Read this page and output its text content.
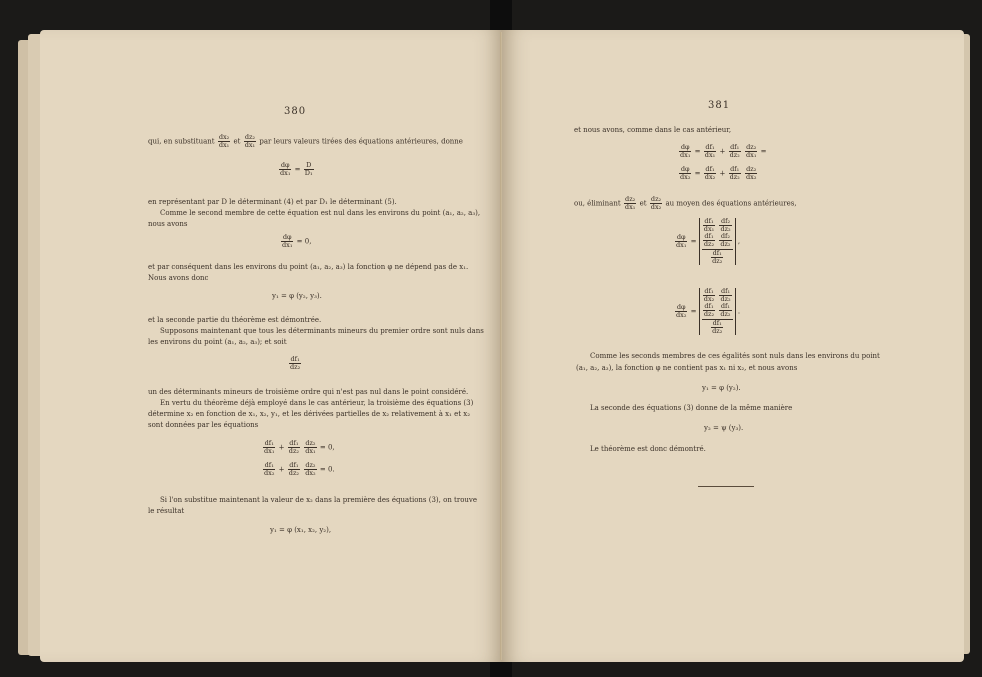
380
qui, en substituant $\frac{\text{dx₂}}{\text{dx₁}}$ et $\frac{\text{dz₂}}{\text{dx₁}}$ par leurs valeurs tirées des équations antérieures, donne
$\frac{d\varphi}{\text{dx₁}} = \frac{D}{\text{D₁}}$
en représentant par D le déterminant (4) et par D₁ le déterminant (5).
Comme le second membre de cette équation est nul dans les environs du point (a₁, a₂, a₃),
nous avons
$\frac{d\varphi}{\text{dx₁}} = 0$,
et par conséquent dans les environs du point (a₁, a₂, a₃) la fonction φ ne dépend pas de x₁.
Nous avons donc
y₁ = φ (y₂, y₃).
et la seconde partie du théorème est démontrée.
Supposons maintenant que tous les déterminants mineurs du premier ordre sont nuls dans
les environs du point (a₁, a₂, a₃); et soit
$\frac{\text{df₁}}{\text{dz₂}}$
un des déterminants mineurs de troisième ordre qui n'est pas nul dans le point considéré.
En vertu du théorème déjà employé dans le cas antérieur, la troisième des équations (3)
détermine x₂ en fonction de x₁, x₂, y₁, et les dérivées partielles de x₂ relativement à x₁ et x₂
sont données par les équations
$\frac{\text{df₁}}{\text{dx₁}} + \frac{\text{df₁}}{\text{dz₂}}$
$\frac{\text{dz₂}}{\text{dx₁}} = 0$,
$\frac{\text{df₁}}{\text{dx₂}} + \frac{\text{df₁}}{\text{dz₂}}$
$\frac{\text{dz₂}}{\text{dx₂}} = 0$.
Si l'on substitue maintenant la valeur de x₂ dans la première des équations (3), on trouve
le résultat
y₁ = φ (x₁, x₂, y₂),
381
et nous avons, comme dans le cas antérieur,
$\frac{d\varphi}{\text{dx₁}} = \frac{\text{df₁}}{\text{dx₁}} + \frac{\text{df₁}}{\text{dz₂}}$
$\frac{\text{dz₂}}{\text{dx₁}}$ =
$\frac{d\varphi}{\text{dx₂}} = \frac{\text{df₁}}{\text{dx₂}} + \frac{\text{df₁}}{\text{dz₂}}$
$\frac{\text{dz₂}}{\text{dx₂}}$
ou, éliminant $\frac{\text{dz₂}}{\text{dx₁}}$ et $\frac{\text{dz₂}}{\text{dx₂}}$ au moyen des équations antérieures,
$\frac{d\varphi}{\text{dx₁}}$ =
$\frac{\text{df₁}}{\text{dx₁}}$
$\frac{\text{df₂}}{\text{dz₂}}$

$\frac{\text{df₁}}{\text{dz₂}}$
$\frac{\text{df₂}}{\text{dz₂}}$
$\frac{\text{df₁}}{\text{dz₂}}$
,
$\frac{d\varphi}{\text{dx₂}}$ =
$\frac{\text{df₁}}{\text{dx₂}}$
$\frac{\text{df₁}}{\text{dz₂}}$

$\frac{\text{df₁}}{\text{dz₂}}$
$\frac{\text{df₁}}{\text{dz₂}}$
$\frac{\text{df₁}}{\text{dz₂}}$
.
Comme les seconds membres de ces égalités sont nuls dans les environs du point
(a₁, a₂, a₃), la fonction φ ne contient pas x₁ ni x₂, et nous avons
y₁ = φ (y₂).
La seconde des équations (3) donne de la même manière
y₂ = ψ (y₃).
Le théorème est donc démontré.
